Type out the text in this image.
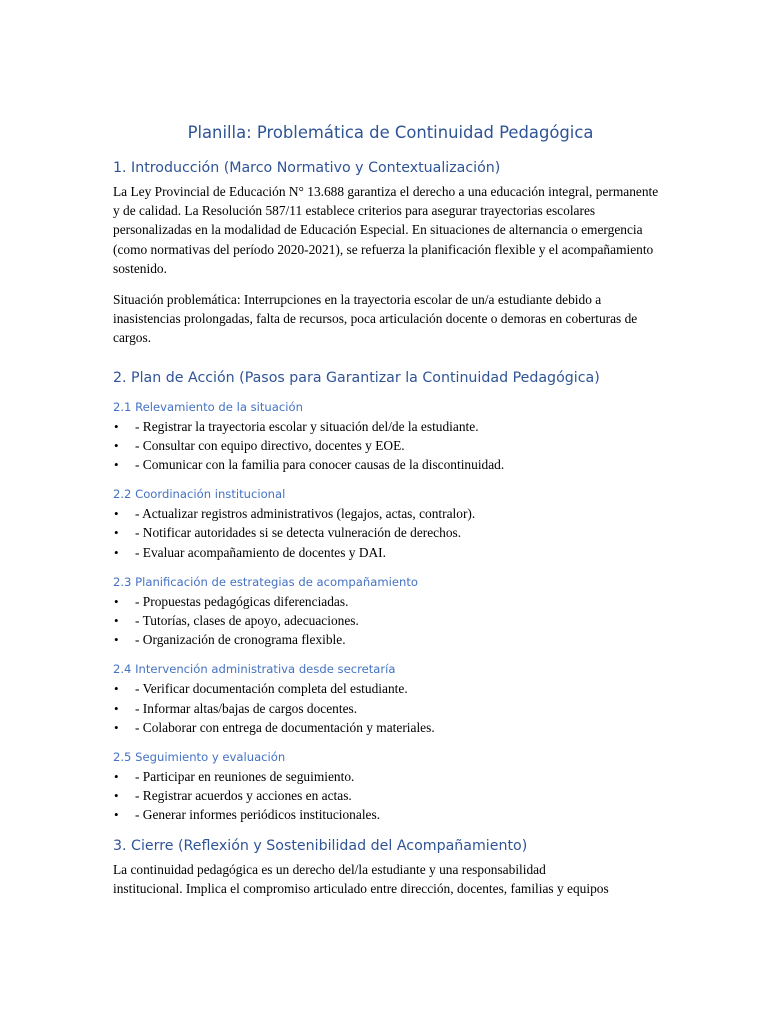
Planilla: Problemática de Continuidad Pedagógica
1. Introducción (Marco Normativo y Contextualización)

La Ley Provincial de Educación N° 13.688 garantiza el derecho a una educación integral, permanente y de calidad. La Resolución 587/11 establece criterios para asegurar trayectorias escolares personalizadas en la modalidad de Educación Especial. En situaciones de alternancia o emergencia (como normativas del período 2020-2021), se refuerza la planificación flexible y el acompañamiento sostenido.

Situación problemática: Interrupciones en la trayectoria escolar de un/a estudiante debido a inasistencias prolongadas, falta de recursos, poca articulación docente o demoras en coberturas de cargos.

2. Plan de Acción (Pasos para Garantizar la Continuidad Pedagógica)
2.1 Relevamiento de la situación
• - Registrar la trayectoria escolar y situación del/de la estudiante.
• - Consultar con equipo directivo, docentes y EOE.
• - Comunicar con la familia para conocer causas de la discontinuidad.
2.2 Coordinación institucional
• - Actualizar registros administrativos (legajos, actas, contralor).
• - Notificar autoridades si se detecta vulneración de derechos.
• - Evaluar acompañamiento de docentes y DAI.
2.3 Planificación de estrategias de acompañamiento
• - Propuestas pedagógicas diferenciadas.
• - Tutorías, clases de apoyo, adecuaciones.
• - Organización de cronograma flexible.
2.4 Intervención administrativa desde secretaría
• - Verificar documentación completa del estudiante.
• - Informar altas/bajas de cargos docentes.
• - Colaborar con entrega de documentación y materiales.
2.5 Seguimiento y evaluación
• - Participar en reuniones de seguimiento.
• - Registrar acuerdos y acciones en actas.
• - Generar informes periódicos institucionales.
3. Cierre (Reflexión y Sostenibilidad del Acompañamiento)

La continuidad pedagógica es un derecho del/la estudiante y una responsabilidad

institucional. Implica el compromiso articulado entre dirección, docentes, familias y equipos
